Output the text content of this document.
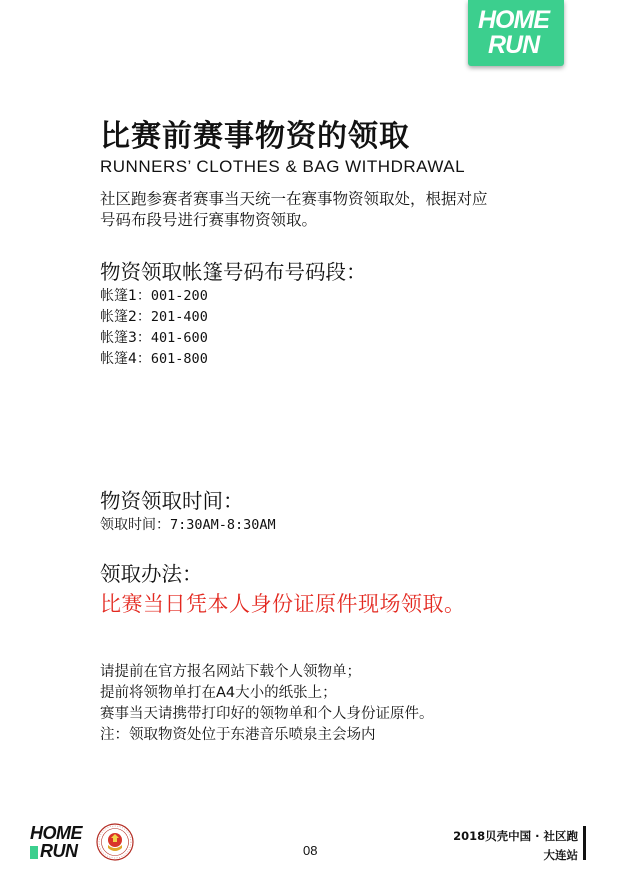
HOME
RUN
比赛前赛事物资的领取
RUNNERS’ CLOTHES & BAG WITHDRAWAL
社区跑参赛者赛事当天统一在赛事物资领取处，根据对应
号码布段号进行赛事物资领取。
物资领取帐篷号码布号码段：
帐篷1：001-200
帐篷2：201-400
帐篷3：401-600
帐篷4：601-800
物资领取时间：
领取时间：7:30AM-8:30AM
领取办法：
比赛当日凭本人身份证原件现场领取。
请提前在官方报名网站下载个人领物单；
提前将领物单打在A4大小的纸张上；
赛事当天请携带打印好的领物单和个人身份证原件。
注：领取物资处位于东港音乐喷泉主会场内
HOME
RUN	08
2018贝壳中国 · 社区跑
大连站
